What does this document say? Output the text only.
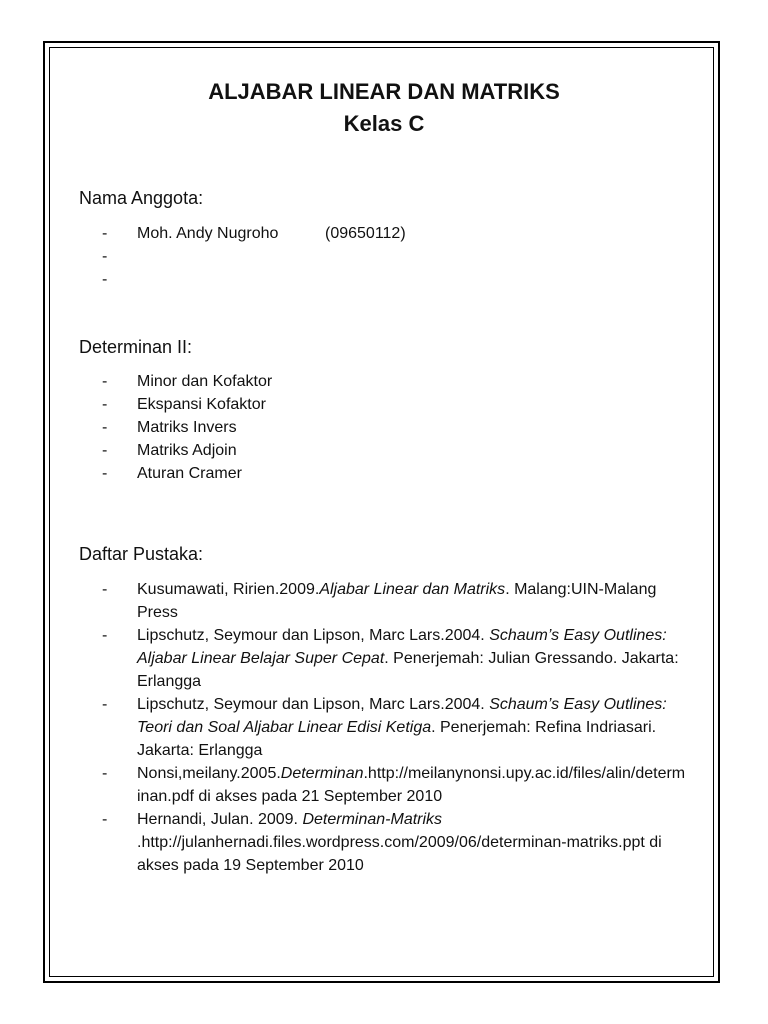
ALJABAR LINEAR DAN MATRIKS
Kelas C

Nama Anggota:

- Moh. Andy Nugroho	(09650112)
-
-

Determinan II:

- Minor dan Kofaktor
- Ekspansi Kofaktor
- Matriks Invers
- Matriks Adjoin
- Aturan Cramer

Daftar Pustaka:

- Kusumawati, Ririen.2009.Aljabar Linear dan Matriks. Malang:UIN-Malang Press
- Lipschutz, Seymour dan Lipson, Marc Lars.2004. Schaum’s Easy Outlines: Aljabar Linear Belajar Super Cepat. Penerjemah: Julian Gressando. Jakarta: Erlangga
- Lipschutz, Seymour dan Lipson, Marc Lars.2004. Schaum’s Easy Outlines: Teori dan Soal Aljabar Linear Edisi Ketiga. Penerjemah: Refina Indriasari. Jakarta: Erlangga
- Nonsi,meilany.2005.Determinan.http://meilanynonsi.upy.ac.id/files/alin/determinan.pdf di akses pada 21 September 2010
- Hernandi, Julan. 2009. Determinan-Matriks .http://julanhernadi.files.wordpress.com/2009/06/determinan-matriks.ppt di akses pada 19 September 2010
